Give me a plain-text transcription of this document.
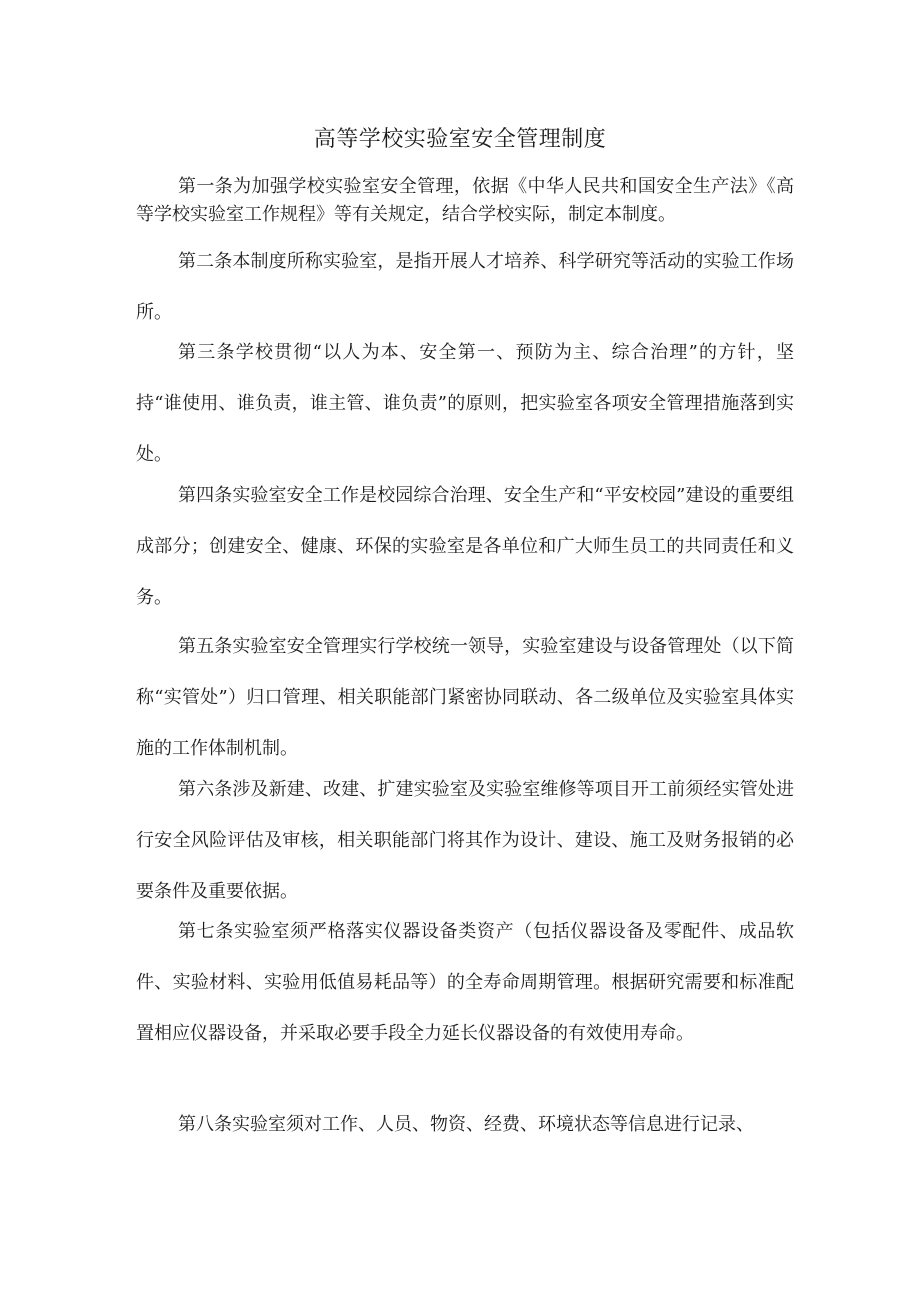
高等学校实验室安全管理制度

第一条为加强学校实验室安全管理，依据《中华人民共和国安全生产法》《高等学校实验室工作规程》等有关规定，结合学校实际，制定本制度。

第二条本制度所称实验室，是指开展人才培养、科学研究等活动的实验工作场所。

第三条学校贯彻“以人为本、安全第一、预防为主、综合治理”的方针，坚持“谁使用、谁负责，谁主管、谁负责”的原则，把实验室各项安全管理措施落到实处。

第四条实验室安全工作是校园综合治理、安全生产和“平安校园”建设的重要组成部分；创建安全、健康、环保的实验室是各单位和广大师生员工的共同责任和义务。

第五条实验室安全管理实行学校统一领导，实验室建设与设备管理处（以下简称“实管处”）归口管理、相关职能部门紧密协同联动、各二级单位及实验室具体实施的工作体制机制。

第六条涉及新建、改建、扩建实验室及实验室维修等项目开工前须经实管处进行安全风险评估及审核，相关职能部门将其作为设计、建设、施工及财务报销的必要条件及重要依据。

第七条实验室须严格落实仪器设备类资产（包括仪器设备及零配件、成品软件、实验材料、实验用低值易耗品等）的全寿命周期管理。根据研究需要和标准配置相应仪器设备，并采取必要手段全力延长仪器设备的有效使用寿命。

第八条实验室须对工作、人员、物资、经费、环境状态等信息进行记录、
